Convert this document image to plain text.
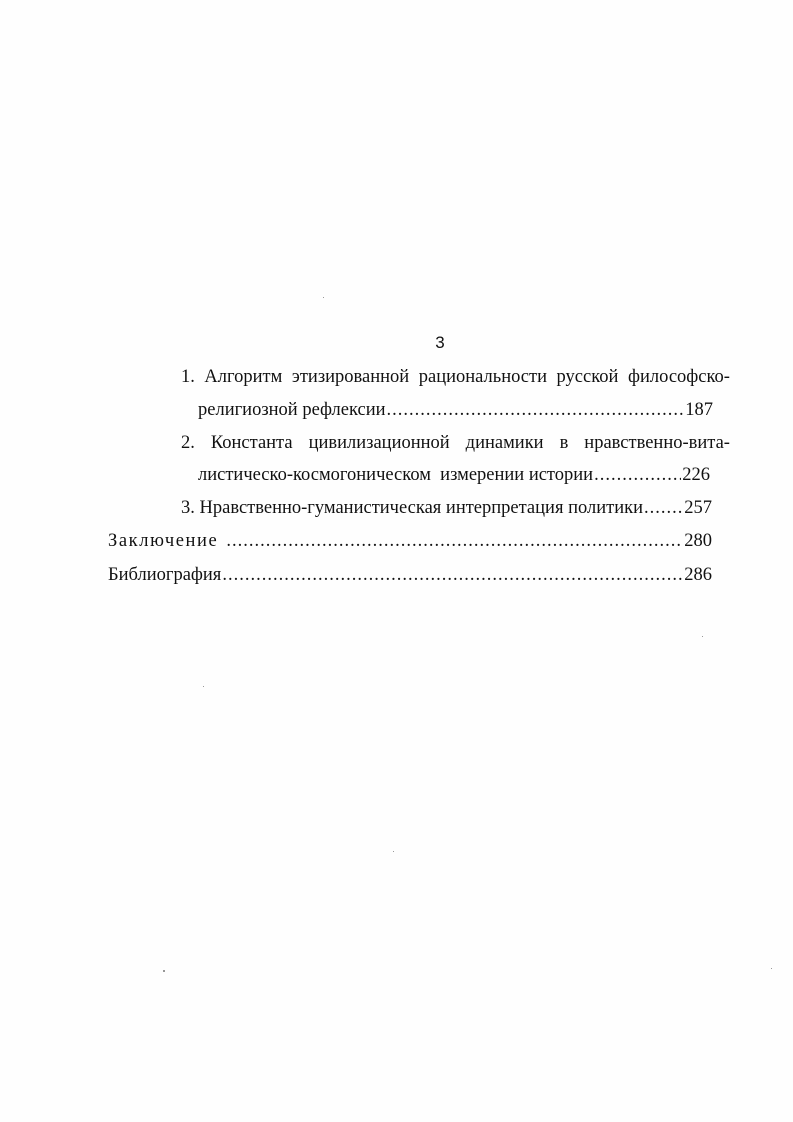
3
1. Алгоритм этизированной рациональности русской философско-
религиозной рефлексии .....	187
2. Константа цивилизационной динамики в нравственно-вита-
листическо-космогоническом  измерении истории .....	226
3. Нравственно-гуманистическая интерпретация политики ..... 257
Заключение .....	280
Библиография .....	286
